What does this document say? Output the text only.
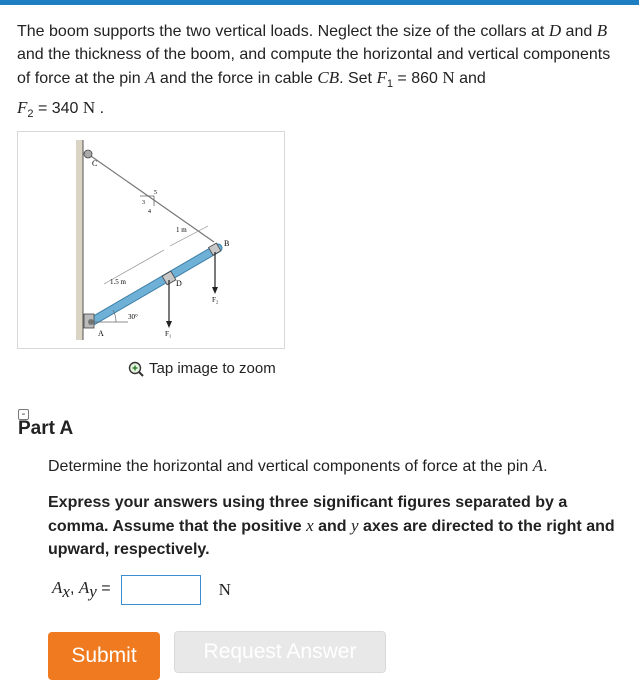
The boom supports the two vertical loads. Neglect the size of the collars at D and B and the thickness of the boom, and compute the horizontal and vertical components of force at the pin A and the force in cable CB. Set $F_1 = 860$ N and
$F_2 = 340$ N .
C
A
B
D
1 m
1.5 m
30°
3
4
5
F₁
F₂
Tap image to zoom
-
Part A
Determine the horizontal and vertical components of force at the pin A.
Express your answers using three significant figures separated by a comma. Assume that the positive x and y axes are directed to the right and upward, respectively.
$A_x$, $A_y$ =	N
Submit	Request Answer
